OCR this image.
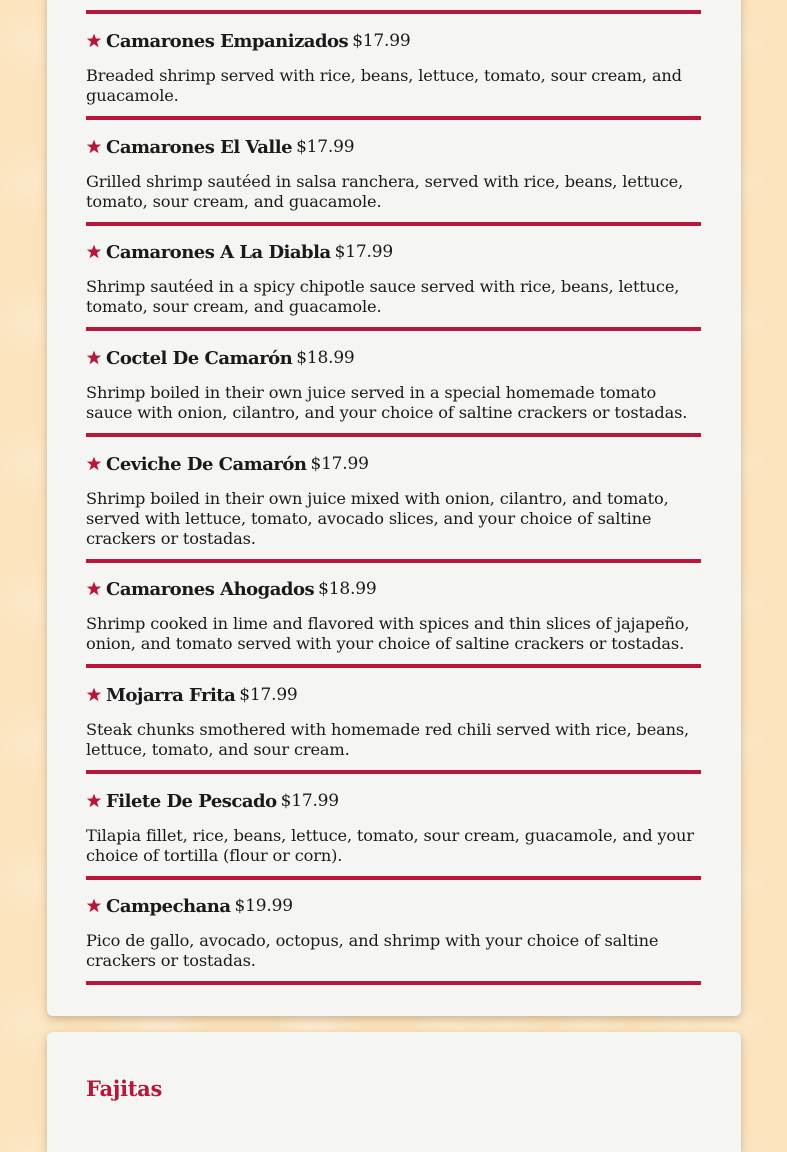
Camarones Empanizados $17.99
Breaded shrimp served with rice, beans, lettuce, tomato, sour cream, and guacamole.
Camarones El Valle $17.99
Grilled shrimp sautéed in salsa ranchera, served with rice, beans, lettuce, tomato, sour cream, and guacamole.
Camarones A La Diabla $17.99
Shrimp sautéed in a spicy chipotle sauce served with rice, beans, lettuce, tomato, sour cream, and guacamole.
Coctel De Camarón $18.99
Shrimp boiled in their own juice served in a special homemade tomato sauce with onion, cilantro, and your choice of saltine crackers or tostadas.
Ceviche De Camarón $17.99
Shrimp boiled in their own juice mixed with onion, cilantro, and tomato, served with lettuce, tomato, avocado slices, and your choice of saltine crackers or tostadas.
Camarones Ahogados $18.99
Shrimp cooked in lime and flavored with spices and thin slices of jajapeño, onion, and tomato served with your choice of saltine crackers or tostadas.
Mojarra Frita $17.99
Steak chunks smothered with homemade red chili served with rice, beans, lettuce, tomato, and sour cream.
Filete De Pescado $17.99
Tilapia fillet, rice, beans, lettuce, tomato, sour cream, guacamole, and your choice of tortilla (flour or corn).
Campechana $19.99
Pico de gallo, avocado, octopus, and shrimp with your choice of saltine crackers or tostadas.
Fajitas
